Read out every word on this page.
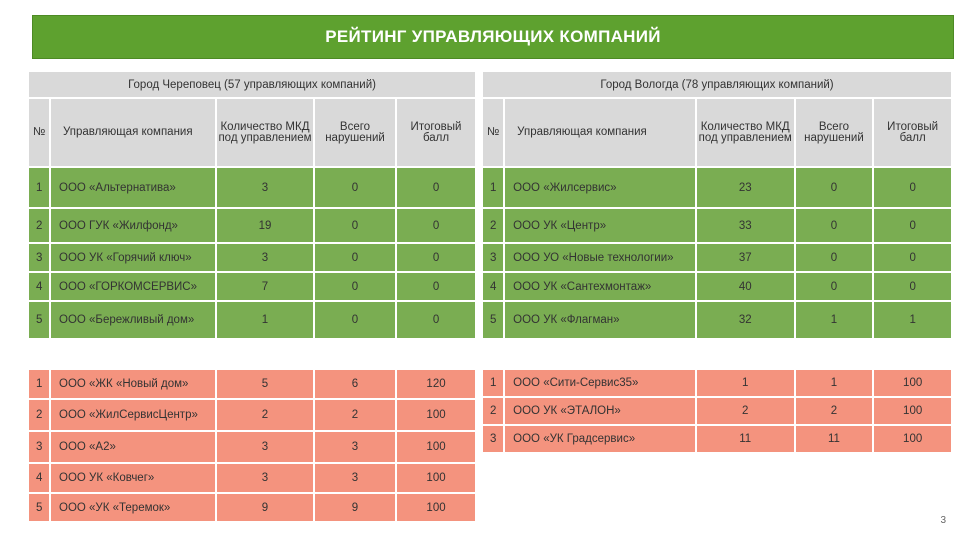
РЕЙТИНГ УПРАВЛЯЮЩИХ КОМПАНИЙ
Город Череповец (57 управляющих компаний)				
№	Управляющая компания	Количество МКД под управлением	Всего нарушений	Итоговый балл
1	ООО «Альтернатива»	3	0	0
2	ООО ГУК «Жилфонд»	19	0	0
3	ООО УК «Горячий ключ»	3	0	0
4	ООО «ГОРКОМСЕРВИС»	7	0	0
5	ООО «Бережливый дом»	1	0	0

1	ООО «ЖК «Новый дом»	5	6	120
2	ООО «ЖилСервисЦентр»	2	2	100
3	ООО «А2»	3	3	100
4	ООО УК «Ковчег»	3	3	100
5	ООО «УК «Теремок»	9	9	100
Город Вологда (78 управляющих компаний)				
№	Управляющая компания	Количество МКД под управлением	Всего нарушений	Итоговый балл
1	ООО «Жилсервис»	23	0	0
2	ООО УК «Центр»	33	0	0
3	ООО УО «Новые технологии»	37	0	0
4	ООО УК «Сантехмонтаж»	40	0	0
5	ООО УК «Флагман»	32	1	1

1	ООО «Сити-Сервис35»	1	1	100
2	ООО УК «ЭТАЛОН»	2	2	100
3	ООО «УК Градсервис»	11	11	100
3
